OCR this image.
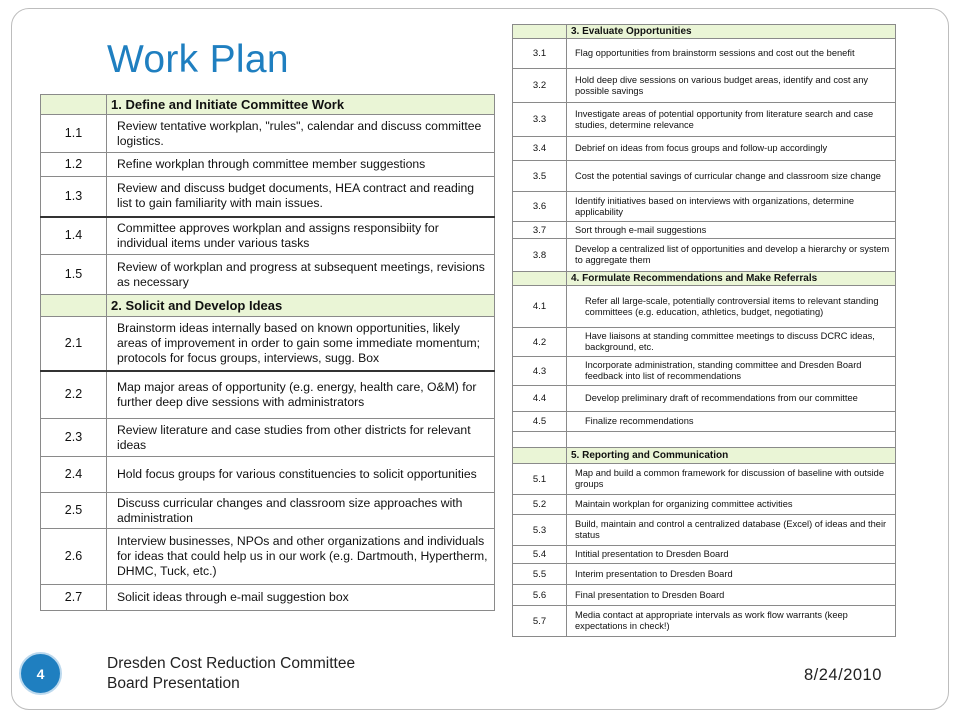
Work Plan
	1. Define and Initiate Committee Work
1.1	Review tentative workplan, "rules", calendar and discuss committee logistics.
1.2	Refine workplan through committee member suggestions
1.3	Review and discuss budget documents, HEA contract and reading list to gain familiarity with main issues.
1.4	Committee approves workplan and assigns responsibiity for individual items under various tasks
1.5	Review of workplan and progress at subsequent meetings, revisions as necessary
	2. Solicit and Develop Ideas
2.1	Brainstorm ideas internally based on known opportunities, likely areas of improvement in order to gain some immediate momentum; protocols for focus groups, interviews, sugg. Box
2.2	Map major areas of opportunity (e.g. energy, health care, O&M) for further deep dive sessions with administrators
2.3	Review literature and case studies from other districts for relevant ideas
2.4	Hold focus groups for various constituencies to solicit opportunities
2.5	Discuss curricular changes and classroom size approaches with administration
2.6	Interview businesses, NPOs and other organizations and individuals for ideas that could help us in our work (e.g. Dartmouth, Hypertherm, DHMC, Tuck, etc.)
2.7	Solicit ideas through e-mail suggestion box
	3. Evaluate Opportunities
3.1	Flag opportunities from brainstorm sessions and cost out the benefit
3.2	Hold deep dive sessions on various budget areas, identify and cost any possible savings
3.3	Investigate areas of potential opportunity from literature search and case studies, determine relevance
3.4	Debrief on ideas from focus groups and follow-up accordingly
3.5	Cost the potential savings of curricular change and classroom size change
3.6	Identify initiatives based on interviews with organizations, determine applicability
3.7	Sort through e-mail suggestions
3.8	Develop a centralized list of opportunities and develop a hierarchy or system to aggregate them
	4. Formulate Recommendations and Make Referrals
4.1	Refer all large-scale, potentially controversial items to relevant standing committees (e.g. education, athletics, budget, negotiating)
4.2	Have liaisons at standing committee meetings to discuss DCRC ideas, background, etc.
4.3	Incorporate administration, standing committee and Dresden Board feedback into list of recommendations
4.4	Develop preliminary draft of recommendations from our committee
4.5	Finalize recommendations

	5. Reporting and Communication
5.1	Map and build a common framework for discussion of baseline with outside groups
5.2	Maintain workplan for organizing committee activities
5.3	Build, maintain and control a centralized database (Excel) of ideas and their status
5.4	Intitial presentation to Dresden Board
5.5	Interim presentation to Dresden Board
5.6	Final presentation to Dresden Board
5.7	Media contact at appropriate intervals as work flow warrants (keep expectations in check!)
4
Dresden Cost Reduction Committee
Board Presentation	8/24/2010
